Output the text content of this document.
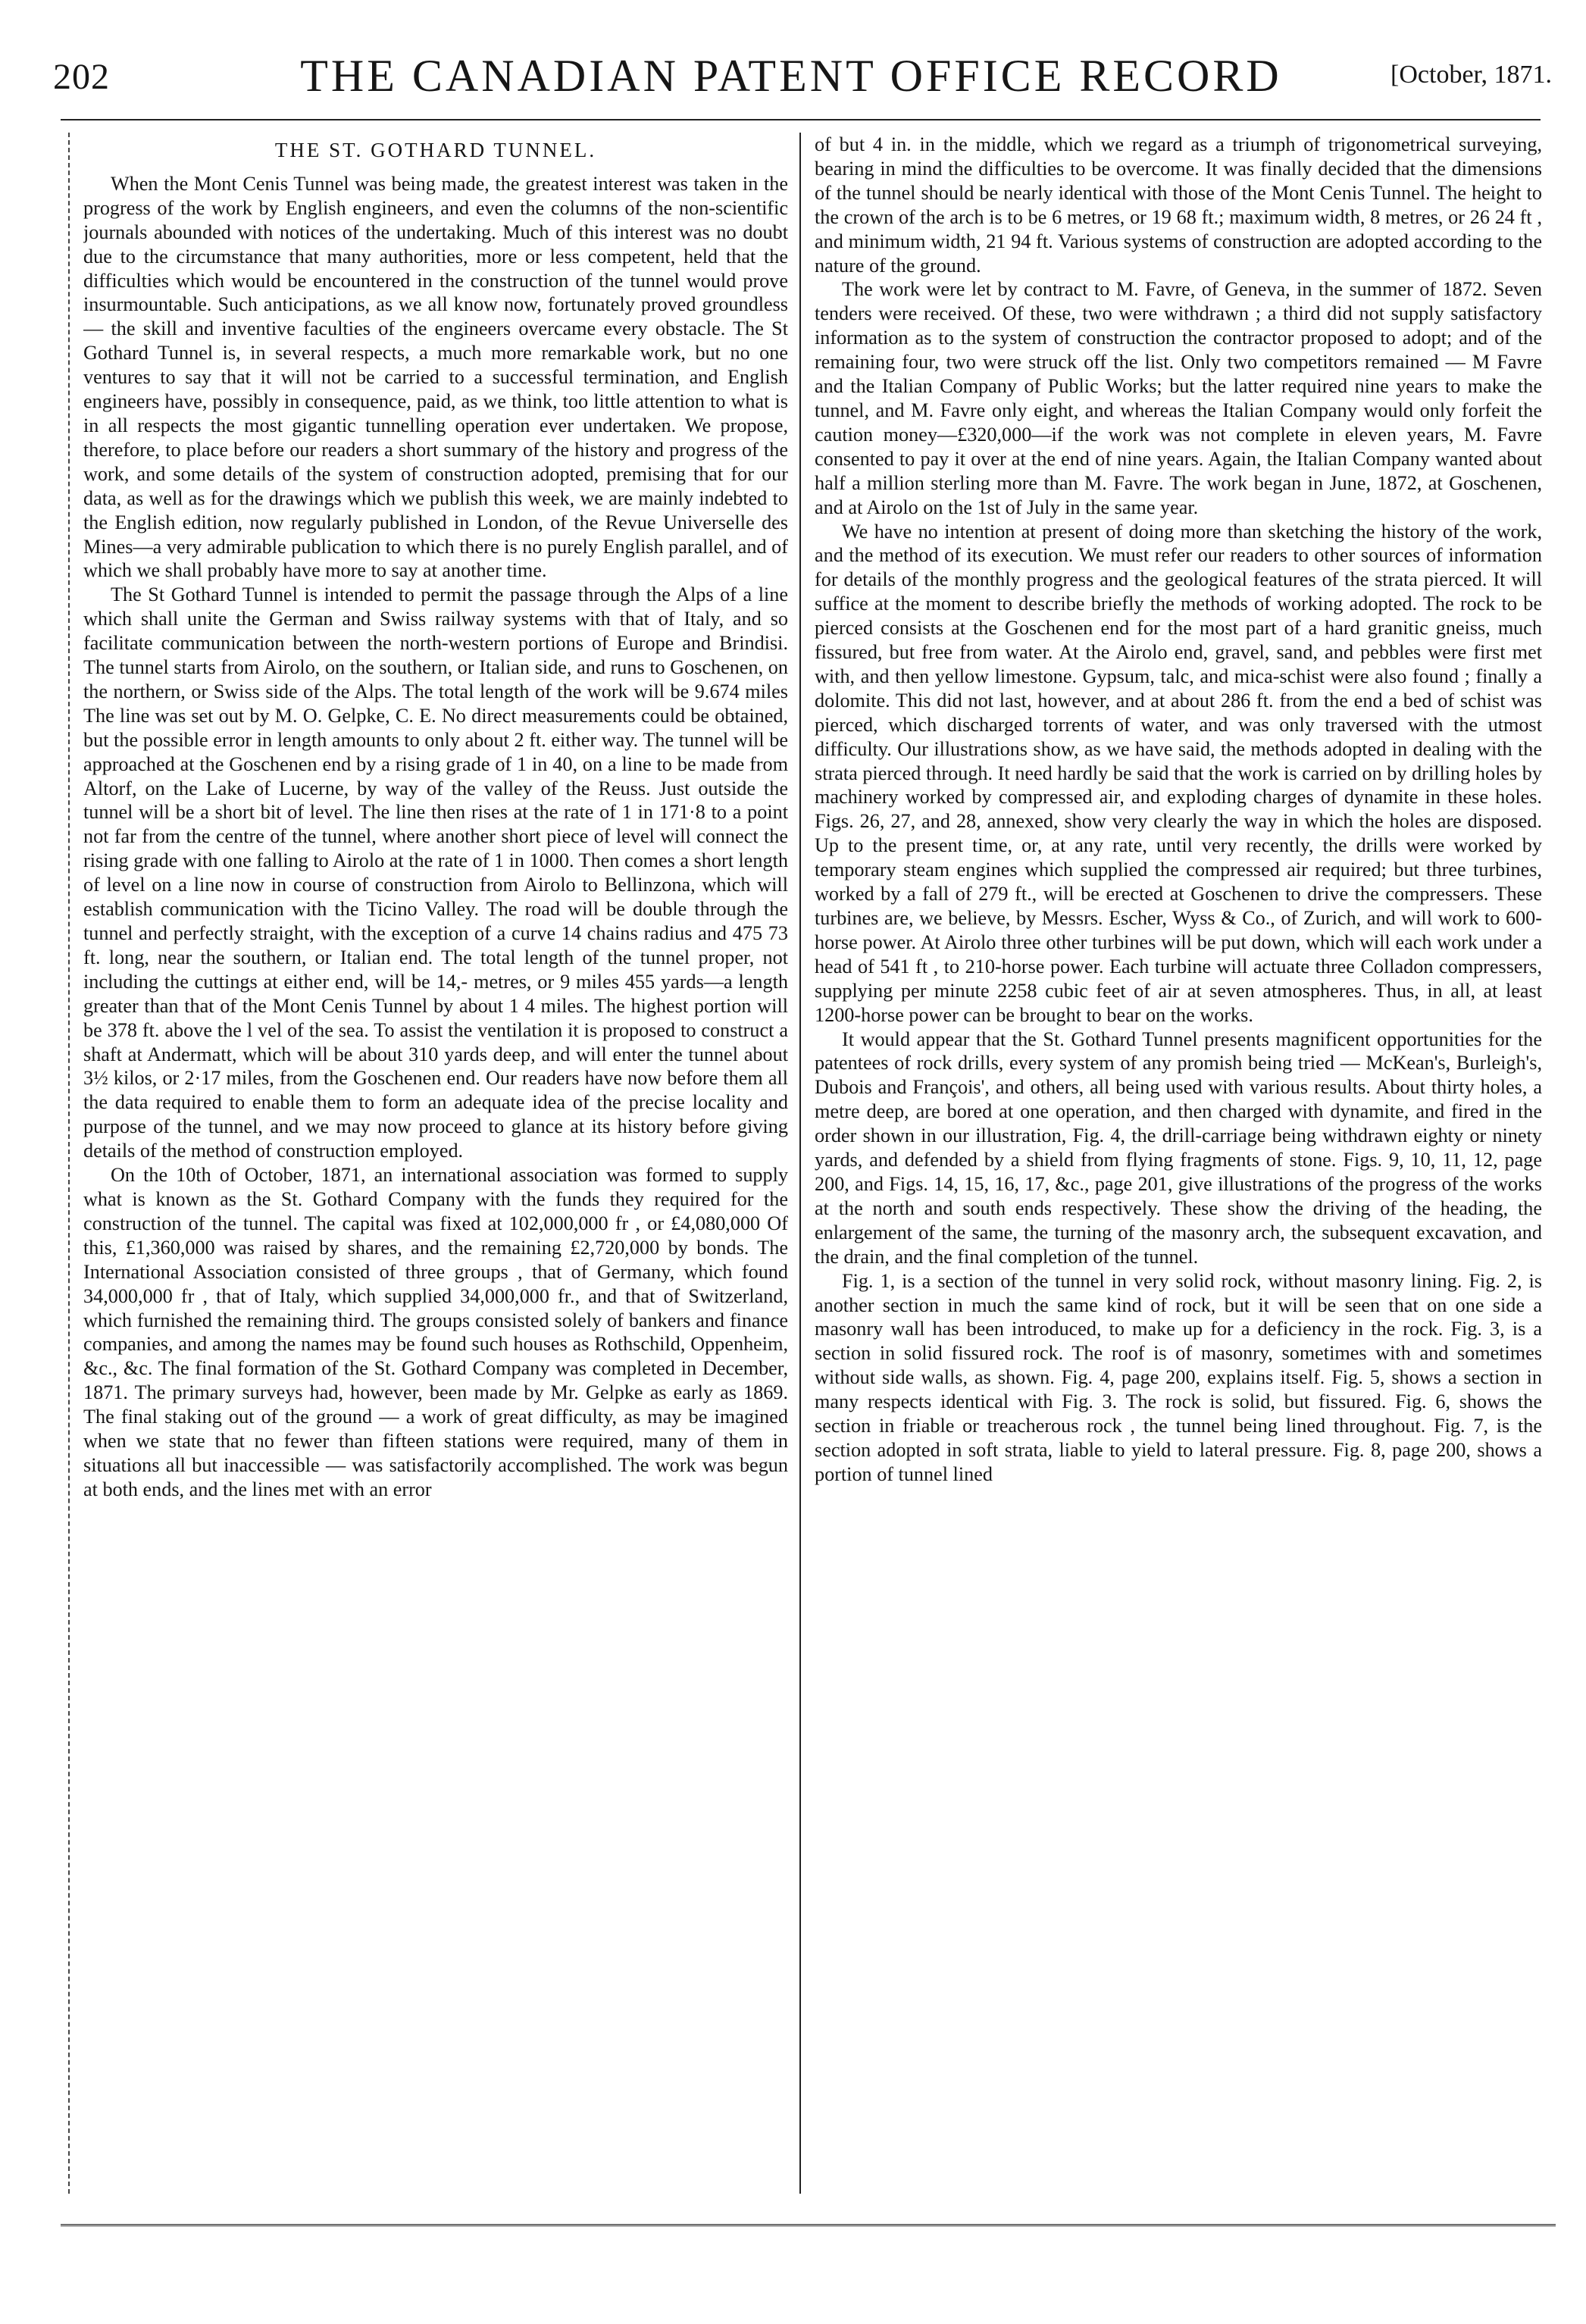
202	THE CANADIAN PATENT OFFICE RECORD	[October, 1871.
THE ST. GOTHARD TUNNEL.

When the Mont Cenis Tunnel was being made, the greatest interest was taken in the progress of the work by English engineers, and even the columns of the non-scientific journals abounded with notices of the undertaking. Much of this interest was no doubt due to the circumstance that many authorities, more or less competent, held that the difficulties which would be encountered in the construction of the tunnel would prove insurmountable. Such anticipations, as we all know now, fortunately proved groundless — the skill and inventive faculties of the engineers overcame every obstacle. The St Gothard Tunnel is, in several respects, a much more remarkable work, but no one ventures to say that it will not be carried to a successful termination, and English engineers have, possibly in consequence, paid, as we think, too little attention to what is in all respects the most gigantic tunnelling operation ever undertaken. We propose, therefore, to place before our readers a short summary of the history and progress of the work, and some details of the system of construction adopted, premising that for our data, as well as for the drawings which we publish this week, we are mainly indebted to the English edition, now regularly published in London, of the Revue Universelle des Mines—a very admirable publication to which there is no purely English parallel, and of which we shall probably have more to say at another time.

The St Gothard Tunnel is intended to permit the passage through the Alps of a line which shall unite the German and Swiss railway systems with that of Italy, and so facilitate communication between the north-western portions of Europe and Brindisi. The tunnel starts from Airolo, on the southern, or Italian side, and runs to Goschenen, on the northern, or Swiss side of the Alps. The total length of the work will be 9.674 miles The line was set out by M. O. Gelpke, C. E. No direct measurements could be obtained, but the possible error in length amounts to only about 2 ft. either way. The tunnel will be approached at the Goschenen end by a rising grade of 1 in 40, on a line to be made from Altorf, on the Lake of Lucerne, by way of the valley of the Reuss. Just outside the tunnel will be a short bit of level. The line then rises at the rate of 1 in 171·8 to a point not far from the centre of the tunnel, where another short piece of level will connect the rising grade with one falling to Airolo at the rate of 1 in 1000. Then comes a short length of level on a line now in course of construction from Airolo to Bellinzona, which will establish communication with the Ticino Valley. The road will be double through the tunnel and perfectly straight, with the exception of a curve 14 chains radius and 475 73 ft. long, near the southern, or Italian end. The total length of the tunnel proper, not including the cuttings at either end, will be 14,- metres, or 9 miles 455 yards—a length greater than that of the Mont Cenis Tunnel by about 1 4 miles. The highest portion will be 378 ft. above the l vel of the sea. To assist the ventilation it is proposed to construct a shaft at Andermatt, which will be about 310 yards deep, and will enter the tunnel about 3½ kilos, or 2·17 miles, from the Goschenen end. Our readers have now before them all the data required to enable them to form an adequate idea of the precise locality and purpose of the tunnel, and we may now proceed to glance at its history before giving details of the method of construction employed.

On the 10th of October, 1871, an international association was formed to supply what is known as the St. Gothard Company with the funds they required for the construction of the tunnel. The capital was fixed at 102,000,000 fr , or £4,080,000 Of this, £1,360,000 was raised by shares, and the remaining £2,720,000 by bonds. The International Association consisted of three groups , that of Germany, which found 34,000,000 fr , that of Italy, which supplied 34,000,000 fr., and that of Switzerland, which furnished the remaining third. The groups consisted solely of bankers and finance companies, and among the names may be found such houses as Rothschild, Oppenheim, &c., &c. The final formation of the St. Gothard Company was completed in December, 1871. The primary surveys had, however, been made by Mr. Gelpke as early as 1869. The final staking out of the ground — a work of great difficulty, as may be imagined when we state that no fewer than fifteen stations were required, many of them in situations all but inaccessible — was satisfactorily accomplished. The work was begun at both ends, and the lines met with an error

of but 4 in. in the middle, which we regard as a triumph of trigonometrical surveying, bearing in mind the difficulties to be overcome. It was finally decided that the dimensions of the tunnel should be nearly identical with those of the Mont Cenis Tunnel. The height to the crown of the arch is to be 6 metres, or 19 68 ft.; maximum width, 8 metres, or 26 24 ft , and minimum width, 21 94 ft. Various systems of construction are adopted according to the nature of the ground.

The work were let by contract to M. Favre, of Geneva, in the summer of 1872. Seven tenders were received. Of these, two were withdrawn ; a third did not supply satisfactory information as to the system of construction the contractor proposed to adopt; and of the remaining four, two were struck off the list. Only two competitors remained — M Favre and the Italian Company of Public Works; but the latter required nine years to make the tunnel, and M. Favre only eight, and whereas the Italian Company would only forfeit the caution money—£320,000—if the work was not complete in eleven years, M. Favre consented to pay it over at the end of nine years. Again, the Italian Company wanted about half a million sterling more than M. Favre. The work began in June, 1872, at Goschenen, and at Airolo on the 1st of July in the same year.

We have no intention at present of doing more than sketching the history of the work, and the method of its execution. We must refer our readers to other sources of information for details of the monthly progress and the geological features of the strata pierced. It will suffice at the moment to describe briefly the methods of working adopted. The rock to be pierced consists at the Goschenen end for the most part of a hard granitic gneiss, much fissured, but free from water. At the Airolo end, gravel, sand, and pebbles were first met with, and then yellow limestone. Gypsum, talc, and mica-schist were also found ; finally a dolomite. This did not last, however, and at about 286 ft. from the end a bed of schist was pierced, which discharged torrents of water, and was only traversed with the utmost difficulty. Our illustrations show, as we have said, the methods adopted in dealing with the strata pierced through. It need hardly be said that the work is carried on by drilling holes by machinery worked by compressed air, and exploding charges of dynamite in these holes. Figs. 26, 27, and 28, annexed, show very clearly the way in which the holes are disposed. Up to the present time, or, at any rate, until very recently, the drills were worked by temporary steam engines which supplied the compressed air required; but three turbines, worked by a fall of 279 ft., will be erected at Goschenen to drive the compressers. These turbines are, we believe, by Messrs. Escher, Wyss & Co., of Zurich, and will work to 600-horse power. At Airolo three other turbines will be put down, which will each work under a head of 541 ft , to 210-horse power. Each turbine will actuate three Colladon compressers, supplying per minute 2258 cubic feet of air at seven atmospheres. Thus, in all, at least 1200-horse power can be brought to bear on the works.

It would appear that the St. Gothard Tunnel presents magnificent opportunities for the patentees of rock drills, every system of any promish being tried — McKean's, Burleigh's, Dubois and François', and others, all being used with various results. About thirty holes, a metre deep, are bored at one operation, and then charged with dynamite, and fired in the order shown in our illustration, Fig. 4, the drill-carriage being withdrawn eighty or ninety yards, and defended by a shield from flying fragments of stone. Figs. 9, 10, 11, 12, page 200, and Figs. 14, 15, 16, 17, &c., page 201, give illustrations of the progress of the works at the north and south ends respectively. These show the driving of the heading, the enlargement of the same, the turning of the masonry arch, the subsequent excavation, and the drain, and the final completion of the tunnel.

Fig. 1, is a section of the tunnel in very solid rock, without masonry lining. Fig. 2, is another section in much the same kind of rock, but it will be seen that on one side a masonry wall has been introduced, to make up for a deficiency in the rock. Fig. 3, is a section in solid fissured rock. The roof is of masonry, sometimes with and sometimes without side walls, as shown. Fig. 4, page 200, explains itself. Fig. 5, shows a section in many respects identical with Fig. 3. The rock is solid, but fissured. Fig. 6, shows the section in friable or treacherous rock , the tunnel being lined throughout. Fig. 7, is the section adopted in soft strata, liable to yield to lateral pressure. Fig. 8, page 200, shows a portion of tunnel lined
